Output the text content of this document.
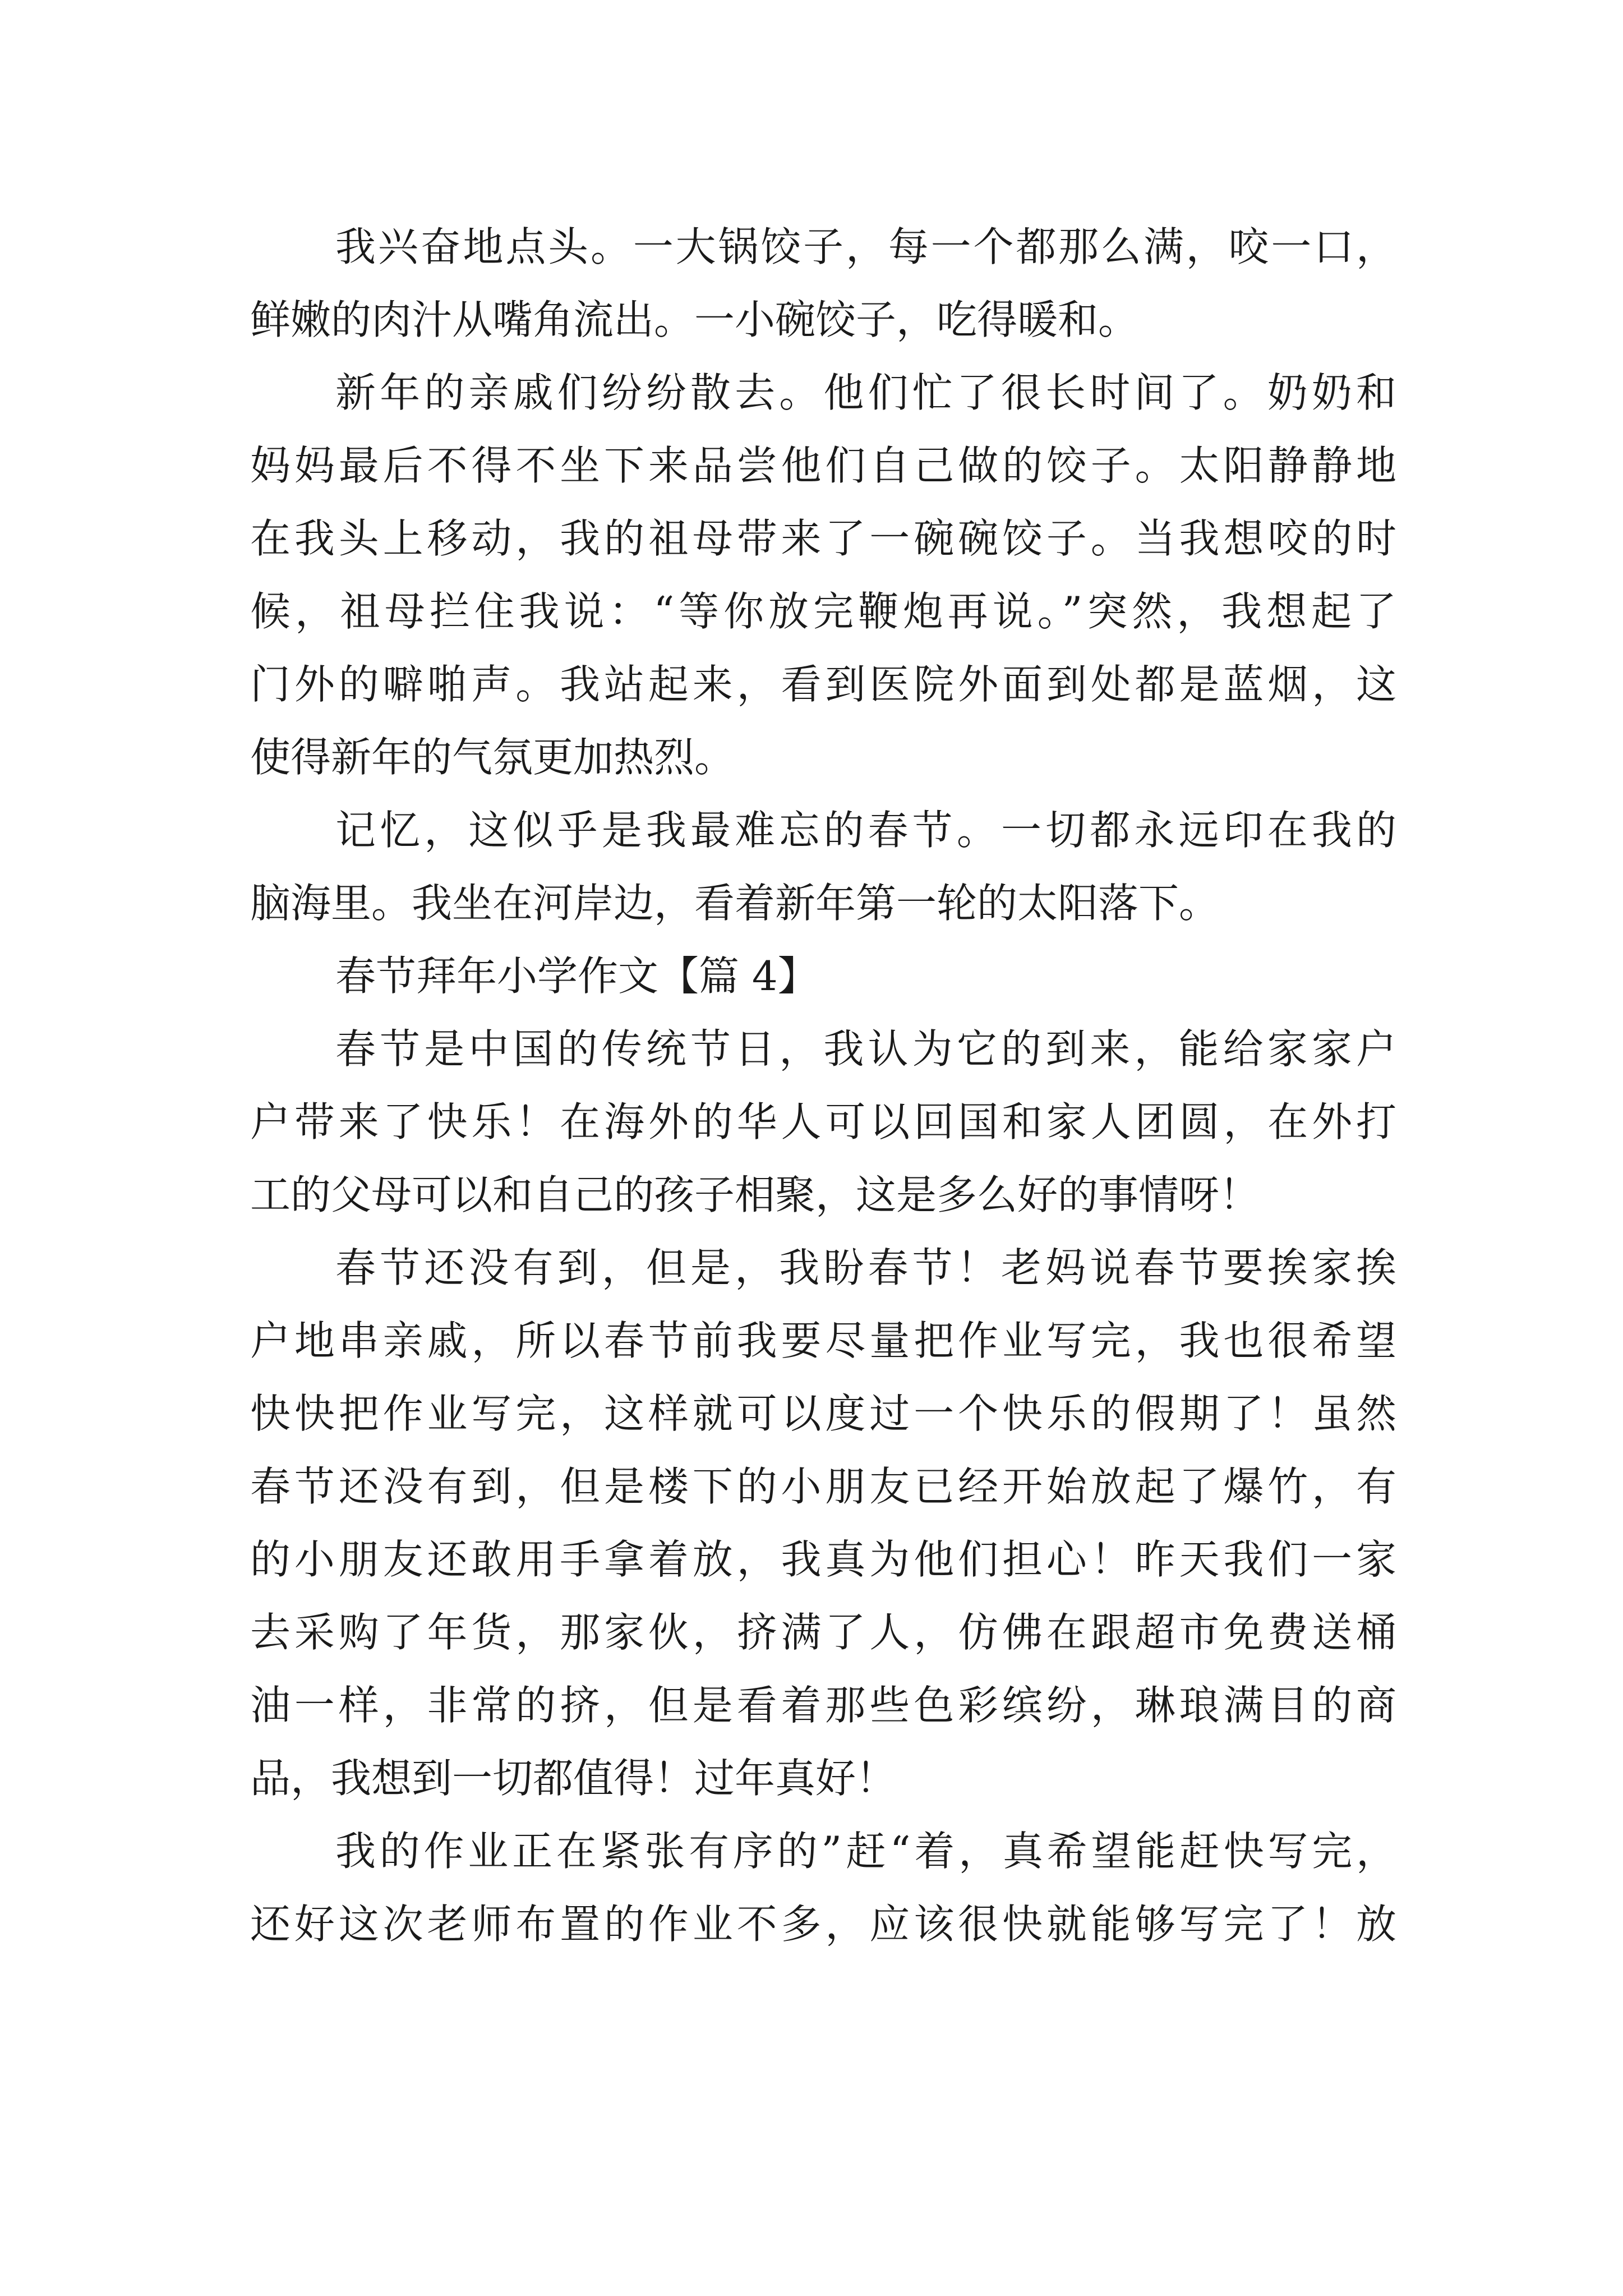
我兴奋地点头。一大锅饺子，每一个都那么满，咬一口，
鲜嫩的肉汁从嘴角流出。一小碗饺子，吃得暖和。
新年的亲戚们纷纷散去。他们忙了很长时间了。奶奶和
妈妈最后不得不坐下来品尝他们自己做的饺子。太阳静静地
在我头上移动，我的祖母带来了一碗碗饺子。当我想咬的时
候，祖母拦住我说：“等你放完鞭炮再说。”突然，我想起了
门外的噼啪声。我站起来，看到医院外面到处都是蓝烟，这
使得新年的气氛更加热烈。
记忆，这似乎是我最难忘的春节。一切都永远印在我的
脑海里。我坐在河岸边，看着新年第一轮的太阳落下。
春节拜年小学作文【篇 4】
春节是中国的传统节日，我认为它的到来，能给家家户
户带来了快乐！在海外的华人可以回国和家人团圆，在外打
工的父母可以和自己的孩子相聚，这是多么好的事情呀！
春节还没有到，但是，我盼春节！老妈说春节要挨家挨
户地串亲戚，所以春节前我要尽量把作业写完，我也很希望
快快把作业写完，这样就可以度过一个快乐的假期了！虽然
春节还没有到，但是楼下的小朋友已经开始放起了爆竹，有
的小朋友还敢用手拿着放，我真为他们担心！昨天我们一家
去采购了年货，那家伙，挤满了人，仿佛在跟超市免费送桶
油一样，非常的挤，但是看着那些色彩缤纷，琳琅满目的商
品，我想到一切都值得！过年真好！
我的作业正在紧张有序的”赶“着，真希望能赶快写完，
还好这次老师布置的作业不多，应该很快就能够写完了！放
